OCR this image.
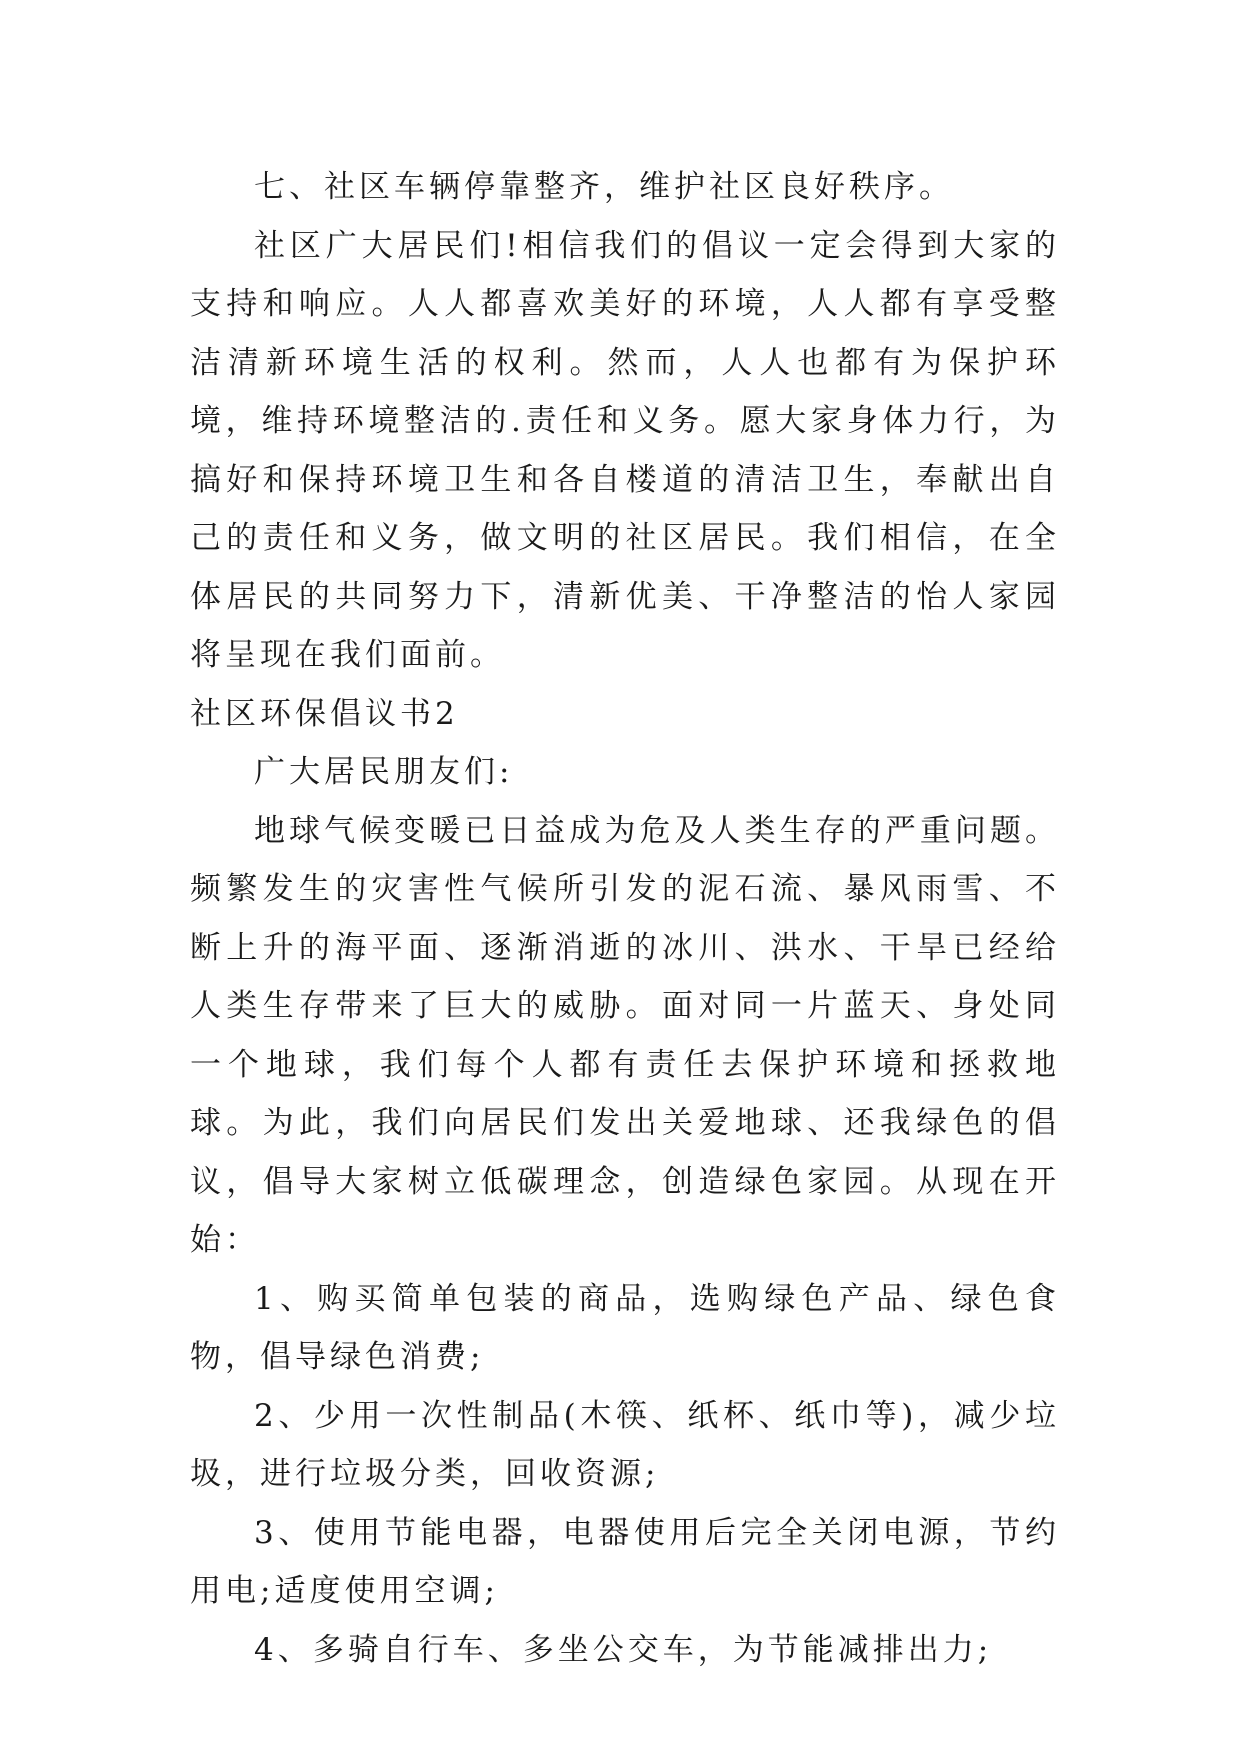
七、社区车辆停靠整齐，维护社区良好秩序。

社区广大居民们!相信我们的倡议一定会得到大家的支持和响应。人人都喜欢美好的环境，人人都有享受整洁清新环境生活的权利。然而，人人也都有为保护环境，维持环境整洁的.责任和义务。愿大家身体力行，为搞好和保持环境卫生和各自楼道的清洁卫生，奉献出自己的责任和义务，做文明的社区居民。我们相信，在全体居民的共同努力下，清新优美、干净整洁的怡人家园将呈现在我们面前。

社区环保倡议书2

广大居民朋友们:

地球气候变暖已日益成为危及人类生存的严重问题。频繁发生的灾害性气候所引发的泥石流、暴风雨雪、不断上升的海平面、逐渐消逝的冰川、洪水、干旱已经给人类生存带来了巨大的威胁。面对同一片蓝天、身处同一个地球，我们每个人都有责任去保护环境和拯救地球。为此，我们向居民们发出关爱地球、还我绿色的倡议，倡导大家树立低碳理念，创造绿色家园。从现在开始：

1、购买简单包装的商品，选购绿色产品、绿色食物，倡导绿色消费;

2、少用一次性制品(木筷、纸杯、纸巾等)，减少垃圾，进行垃圾分类，回收资源;

3、使用节能电器，电器使用后完全关闭电源，节约用电;适度使用空调;

4、多骑自行车、多坐公交车，为节能减排出力;
